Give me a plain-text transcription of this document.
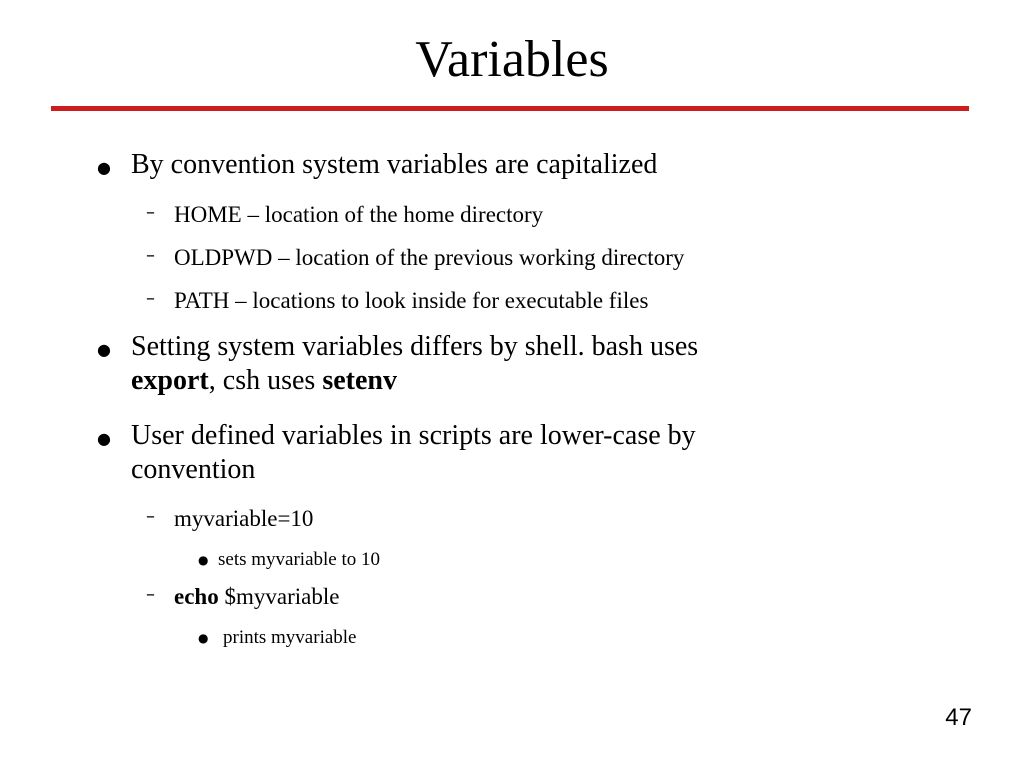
Variables
● By convention system variables are capitalized
– HOME – location of the home directory
– OLDPWD – location of the previous working directory
– PATH – locations to look inside for executable files
● Setting system variables differs by shell. bash uses
export, csh uses setenv
● User defined variables in scripts are lower-case by
convention
– myvariable=10
● sets myvariable to 10
– echo $myvariable
● prints myvariable
47
